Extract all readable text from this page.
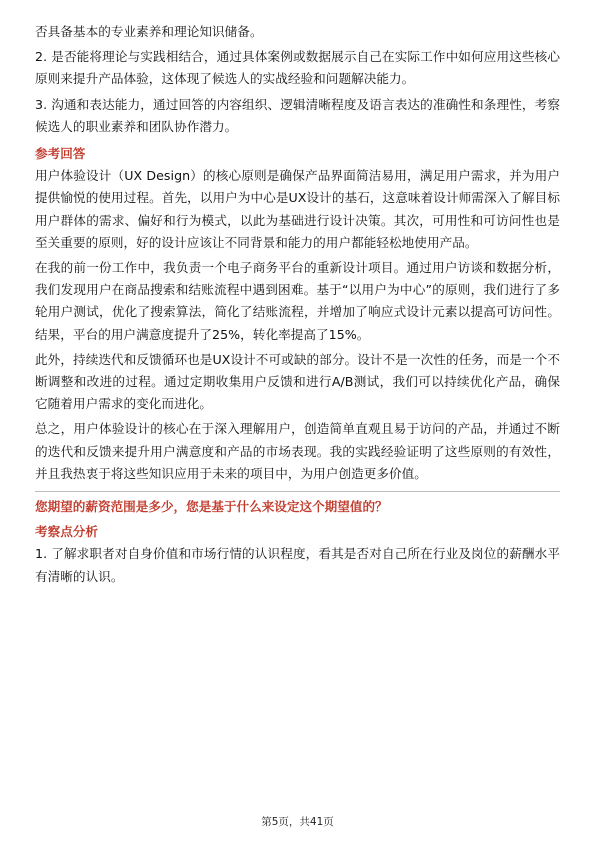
否具备基本的专业素养和理论知识储备。

2. 是否能将理论与实践相结合，通过具体案例或数据展示自己在实际工作中如何应用这些核心原则来提升产品体验，这体现了候选人的实战经验和问题解决能力。

3. 沟通和表达能力，通过回答的内容组织、逻辑清晰程度及语言表达的准确性和条理性，考察候选人的职业素养和团队协作潜力。

参考回答

用户体验设计（UX Design）的核心原则是确保产品界面简洁易用，满足用户需求，并为用户提供愉悦的使用过程。首先，以用户为中心是UX设计的基石，这意味着设计师需深入了解目标用户群体的需求、偏好和行为模式，以此为基础进行设计决策。其次，可用性和可访问性也是至关重要的原则，好的设计应该让不同背景和能力的用户都能轻松地使用产品。

在我的前一份工作中，我负责一个电子商务平台的重新设计项目。通过用户访谈和数据分析，我们发现用户在商品搜索和结账流程中遇到困难。基于“以用户为中心”的原则，我们进行了多轮用户测试，优化了搜索算法，简化了结账流程，并增加了响应式设计元素以提高可访问性。结果，平台的用户满意度提升了25%，转化率提高了15%。

此外，持续迭代和反馈循环也是UX设计不可或缺的部分。设计不是一次性的任务，而是一个不断调整和改进的过程。通过定期收集用户反馈和进行A/B测试，我们可以持续优化产品，确保它随着用户需求的变化而进化。

总之，用户体验设计的核心在于深入理解用户，创造简单直观且易于访问的产品，并通过不断的迭代和反馈来提升用户满意度和产品的市场表现。我的实践经验证明了这些原则的有效性，并且我热衷于将这些知识应用于未来的项目中，为用户创造更多价值。

您期望的薪资范围是多少，您是基于什么来设定这个期望值的？

考察点分析

1. 了解求职者对自身价值和市场行情的认识程度，看其是否对自己所在行业及岗位的薪酬水平有清晰的认识。

第5页，共41页
